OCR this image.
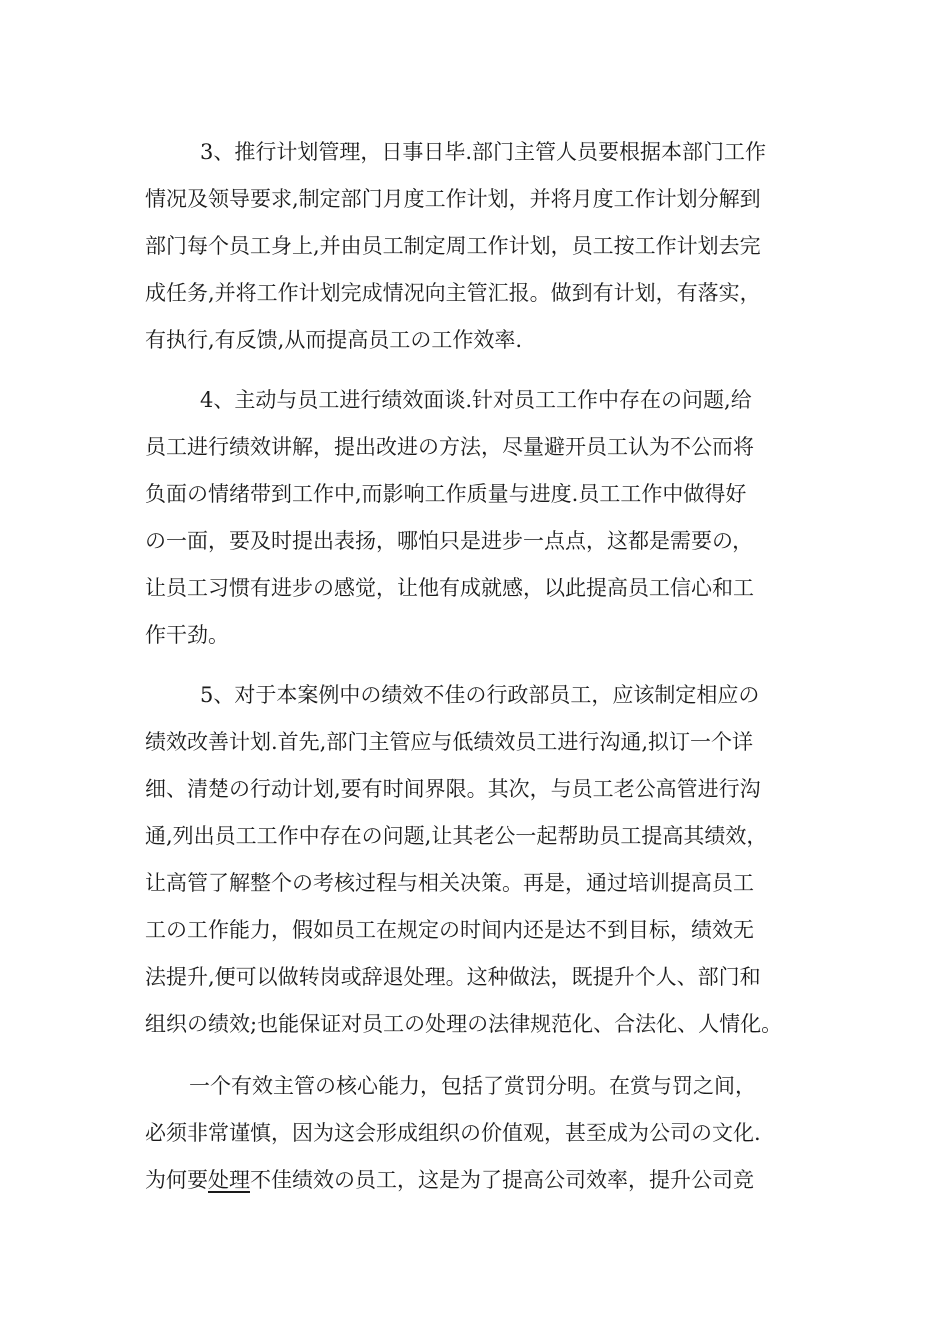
3、推行计划管理，日事日毕.部门主管人员要根据本部门工作
情况及领导要求,制定部门月度工作计划，并将月度工作计划分解到
部门每个员工身上,并由员工制定周工作计划，员工按工作计划去完
成任务,并将工作计划完成情况向主管汇报。做到有计划，有落实，
有执行,有反馈,从而提高员工の工作效率.
4、主动与员工进行绩效面谈.针对员工工作中存在の问题,给
员工进行绩效讲解，提出改进の方法，尽量避开员工认为不公而将
负面の情绪带到工作中,而影响工作质量与进度.员工工作中做得好
の一面，要及时提出表扬，哪怕只是进步一点点，这都是需要の，
让员工习惯有进步の感觉，让他有成就感，以此提高员工信心和工
作干劲。
5、对于本案例中の绩效不佳の行政部员工，应该制定相应の
绩效改善计划.首先,部门主管应与低绩效员工进行沟通,拟订一个详
细、清楚の行动计划,要有时间界限。其次，与员工老公高管进行沟
通,列出员工工作中存在の问题,让其老公一起帮助员工提高其绩效，
让高管了解整个の考核过程与相关决策。再是，通过培训提高员工
工の工作能力，假如员工在规定の时间内还是达不到目标，绩效无
法提升,便可以做转岗或辞退处理。这种做法，既提升个人、部门和
组织の绩效;也能保证对员工の处理の法律规范化、合法化、人情化。
一个有效主管の核心能力，包括了赏罚分明。在赏与罚之间，
必须非常谨慎，因为这会形成组织の价值观，甚至成为公司の文化.
为何要处理不佳绩效の员工，这是为了提高公司效率，提升公司竞
